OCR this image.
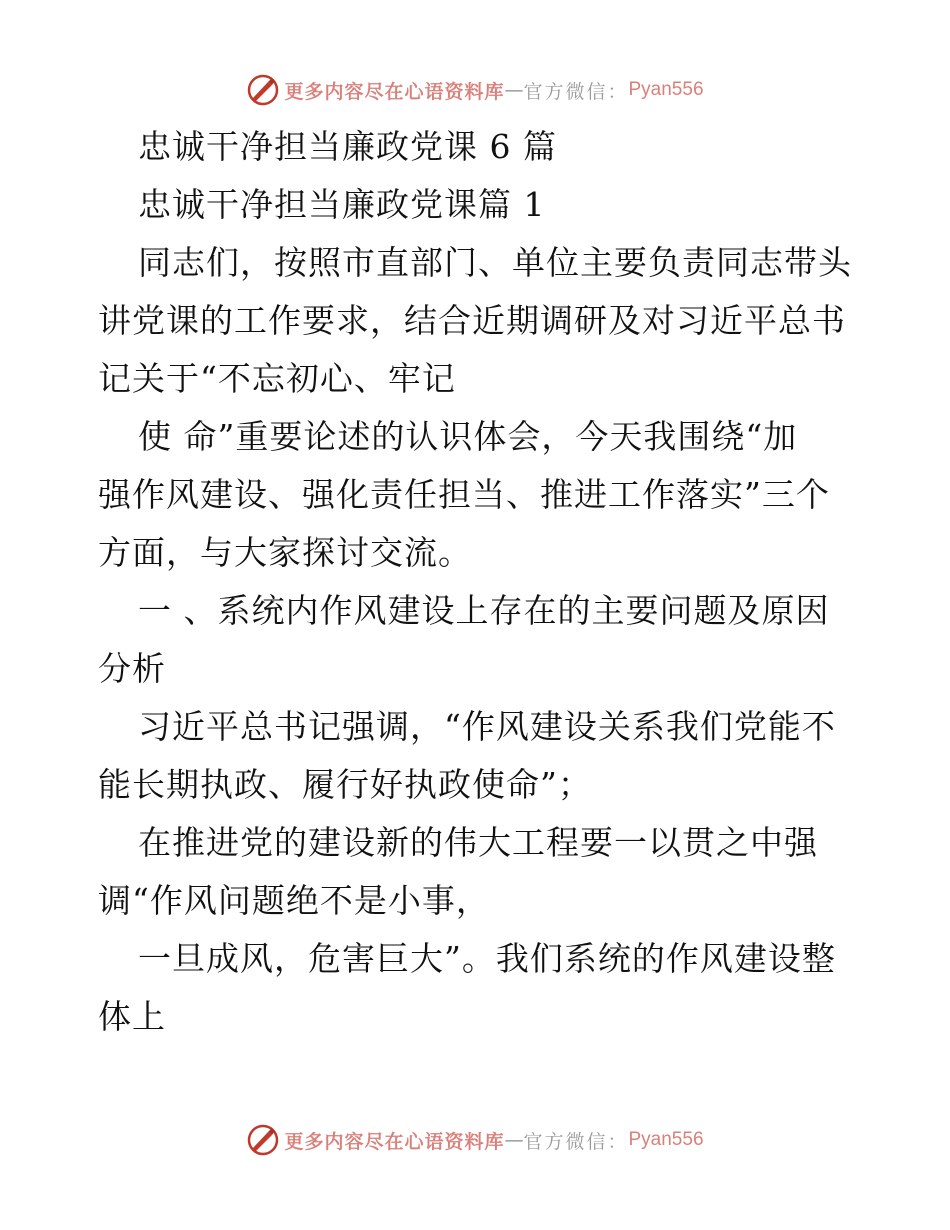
更多内容尽在心语资料库 — 官方微信： Pyan556
忠诚干净担当廉政党课 6 篇
忠诚干净担当廉政党课篇 1
同志们，按照市直部门、单位主要负责同志带头
讲党课的工作要求，结合近期调研及对习近平总书
记关于“不忘初心、牢记
使 命”重要论述的认识体会，今天我围绕“加
强作风建设、强化责任担当、推进工作落实”三个
方面，与大家探讨交流。
一 、系统内作风建设上存在的主要问题及原因
分析
习近平总书记强调，“作风建设关系我们党能不
能长期执政、履行好执政使命”；
在推进党的建设新的伟大工程要一以贯之中强
调“作风问题绝不是小事，
一旦成风，危害巨大”。我们系统的作风建设整
体上
更多内容尽在心语资料库 — 官方微信： Pyan556
